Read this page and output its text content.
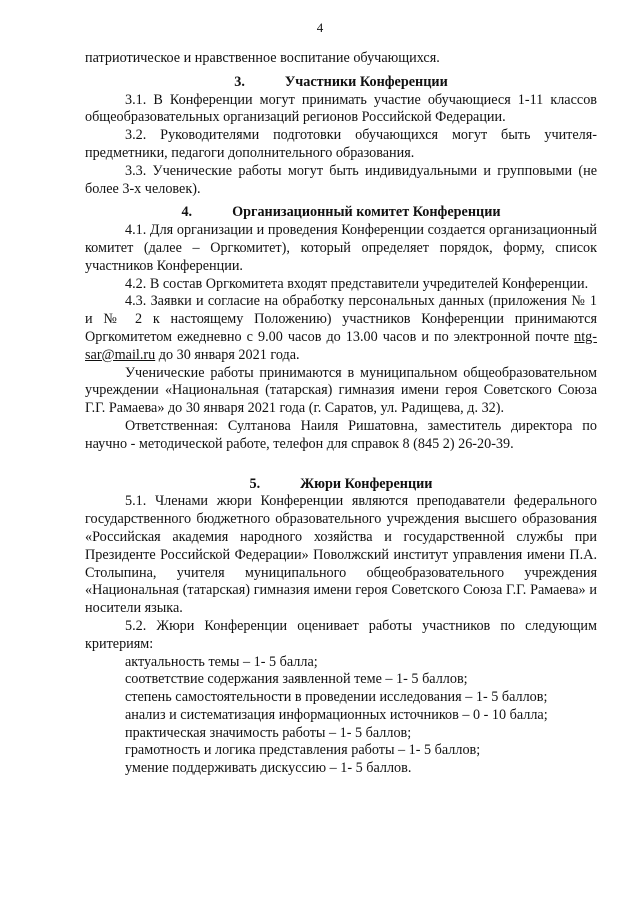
4

патриотическое и нравственное воспитание обучающихся.

3.	Участники Конференции

3.1. В Конференции могут принимать участие обучающиеся 1-11 классов общеобразовательных организаций регионов Российской Федерации.

3.2. Руководителями подготовки обучающихся могут быть учителя-предметники, педагоги дополнительного образования.

3.3. Ученические работы могут быть индивидуальными и групповыми (не более 3-х человек).

4.	Организационный комитет Конференции

4.1. Для организации и проведения Конференции создается организационный комитет (далее – Оргкомитет), который определяет порядок, форму, список участников Конференции.

4.2. В состав Оргкомитета входят представители учредителей Конференции.

4.3. Заявки и согласие на обработку персональных данных (приложения № 1 и № 2 к настоящему Положению) участников Конференции принимаются Оргкомитетом ежедневно с 9.00 часов до 13.00 часов и по электронной почте ntg-sar@mail.ru до 30 января 2021 года.

Ученические работы принимаются в муниципальном общеобразовательном учреждении «Национальная (татарская) гимназия имени героя Советского Союза Г.Г. Рамаева» до 30 января 2021 года (г. Саратов, ул. Радищева, д. 32).

Ответственная: Султанова Наиля Ришатовна, заместитель директора по научно - методической работе, телефон для справок 8 (845 2) 26-20-39.

5.	Жюри Конференции

5.1. Членами жюри Конференции являются преподаватели федерального государственного бюджетного образовательного учреждения высшего образования «Российская академия народного хозяйства и государственной службы при Президенте Российской Федерации» Поволжский институт управления имени П.А. Столыпина, учителя муниципального общеобразовательного учреждения «Национальная (татарская) гимназия имени героя Советского Союза Г.Г. Рамаева» и носители языка.

5.2. Жюри Конференции оценивает работы участников по следующим критериям:

актуальность темы – 1- 5 балла;

соответствие содержания заявленной теме – 1- 5 баллов;

степень самостоятельности в проведении исследования – 1- 5 баллов;

анализ и систематизация информационных источников – 0 - 10 балла;

практическая значимость работы – 1- 5 баллов;

грамотность и логика представления работы – 1- 5 баллов;

умение поддерживать дискуссию – 1- 5 баллов.
